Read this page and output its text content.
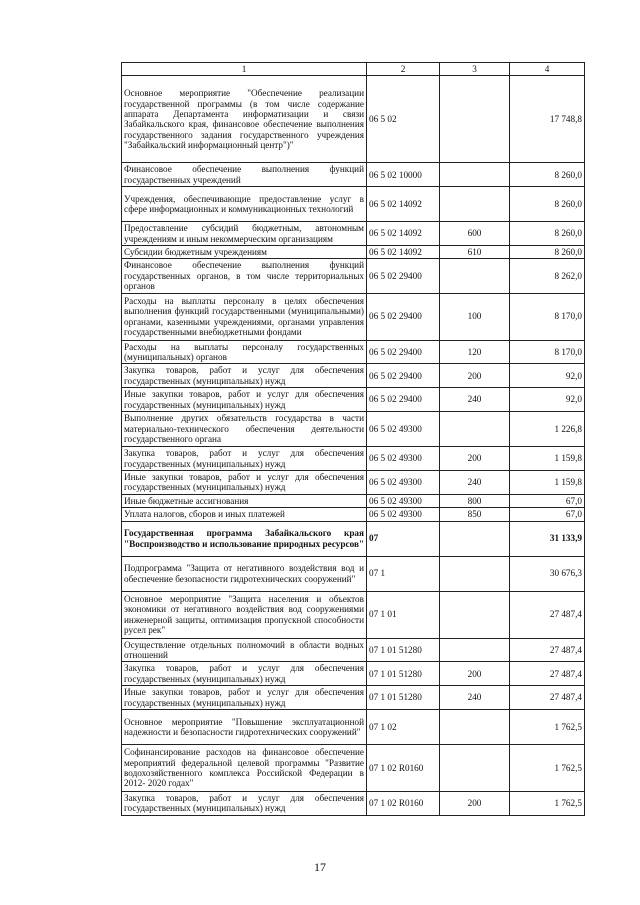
1	2	3	4
Основное мероприятие "Обеспечение реализации государственной программы (в том числе содержание аппарата Департамента информатизации и связи Забайкальского края, финансовое обеспечение выполнения государственного задания государственного учреждения "Забайкальский информационный центр")"	06 5 02		17 748,8
Финансовое обеспечение выполнения функций государственных учреждений	06 5 02 10000		8 260,0
Учреждения, обеспечивающие предоставление услуг в сфере информационных и коммуникационных технологий	06 5 02 14092		8 260,0
Предоставление субсидий бюджетным, автономным учреждениям и иным некоммерческим организациям	06 5 02 14092	600	8 260,0
Субсидии бюджетным учреждениям	06 5 02 14092	610	8 260,0
Финансовое обеспечение выполнения функций государственных органов, в том числе территориальных органов	06 5 02 29400		8 262,0
Расходы на выплаты персоналу в целях обеспечения выполнения функций государственными (муниципальными) органами, казенными учреждениями, органами управления государственными внебюджетными фондами	06 5 02 29400	100	8 170,0
Расходы на выплаты персоналу государственных (муниципальных) органов	06 5 02 29400	120	8 170,0
Закупка товаров, работ и услуг для обеспечения государственных (муниципальных) нужд	06 5 02 29400	200	92,0
Иные закупки товаров, работ и услуг для обеспечения государственных (муниципальных) нужд	06 5 02 29400	240	92,0
Выполнение других обязательств государства в части материально-технического обеспечения деятельности государственного органа	06 5 02 49300		1 226,8
Закупка товаров, работ и услуг для обеспечения государственных (муниципальных) нужд	06 5 02 49300	200	1 159,8
Иные закупки товаров, работ и услуг для обеспечения государственных (муниципальных) нужд	06 5 02 49300	240	1 159,8
Иные бюджетные ассигнования	06 5 02 49300	800	67,0
Уплата налогов, сборов и иных платежей	06 5 02 49300	850	67,0
Государственная программа Забайкальского края "Воспроизводство и использование природных ресурсов"	07		31 133,9
Подпрограмма "Защита от негативного воздействия вод и обеспечение безопасности гидротехнических сооружений"	07 1		30 676,3
Основное мероприятие "Защита населения и объектов экономики от негативного воздействия вод сооружениями инженерной защиты, оптимизация пропускной способности русел рек"	07 1 01		27 487,4
Осуществление отдельных полномочий в области водных отношений	07 1 01 51280		27 487,4
Закупка товаров, работ и услуг для обеспечения государственных (муниципальных) нужд	07 1 01 51280	200	27 487,4
Иные закупки товаров, работ и услуг для обеспечения государственных (муниципальных) нужд	07 1 01 51280	240	27 487,4
Основное мероприятие "Повышение эксплуатационной надежности и безопасности гидротехнических сооружений"	07 1 02		1 762,5
Софинансирование расходов на финансовое обеспечение мероприятий федеральной целевой программы "Развитие водохозяйственного комплекса Российской Федерации в 2012- 2020 годах"	07 1 02 R0160		1 762,5
Закупка товаров, работ и услуг для обеспечения государственных (муниципальных) нужд	07 1 02 R0160	200	1 762,5
17
